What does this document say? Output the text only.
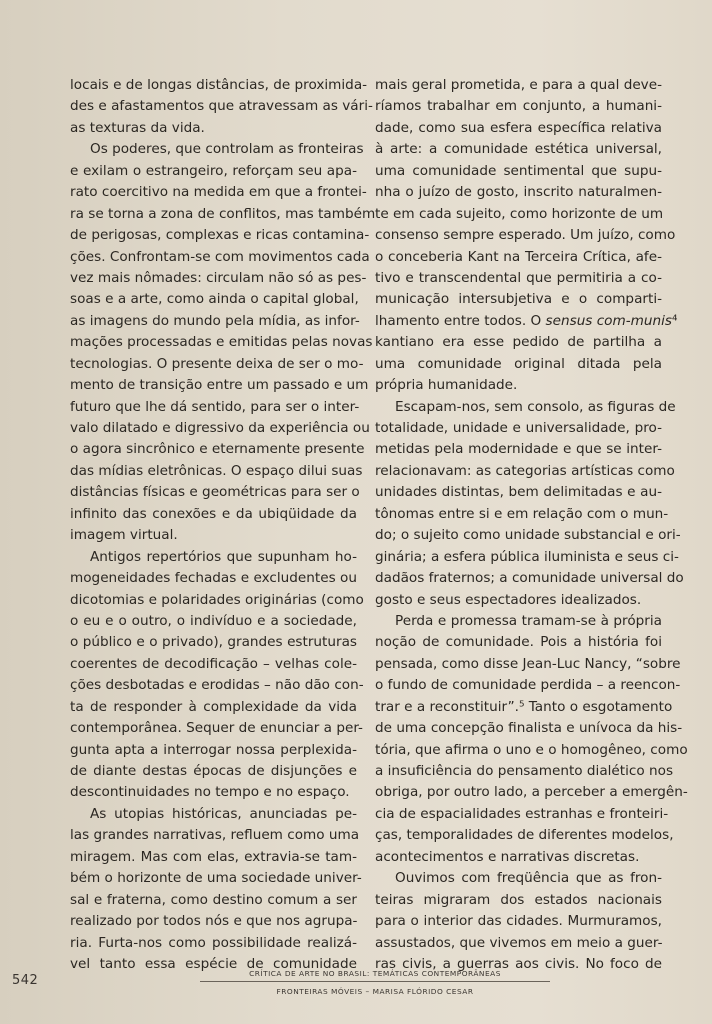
locais e de longas distâncias, de proximida-
des e afastamentos que atravessam as vári-
as texturas da vida.
Os poderes, que controlam as fronteiras
e exilam o estrangeiro, reforçam seu apa-
rato coercitivo na medida em que a frontei-
ra se torna a zona de conflitos, mas também
de perigosas, complexas e ricas contamina-
ções. Confrontam-se com movimentos cada
vez mais nômades: circulam não só as pes-
soas e a arte, como ainda o capital global,
as imagens do mundo pela mídia, as infor-
mações processadas e emitidas pelas novas
tecnologias. O presente deixa de ser o mo-
mento de transição entre um passado e um
futuro que lhe dá sentido, para ser o inter-
valo dilatado e digressivo da experiência ou
o agora sincrônico e eternamente presente
das mídias eletrônicas. O espaço dilui suas
distâncias físicas e geométricas para ser o
infinito das conexões e da ubiqüidade da
imagem virtual.
Antigos repertórios que supunham ho-
mogeneidades fechadas e excludentes ou
dicotomias e polaridades originárias (como
o eu e o outro, o indivíduo e a sociedade,
o público e o privado), grandes estruturas
coerentes de decodificação – velhas cole-
ções desbotadas e erodidas – não dão con-
ta de responder à complexidade da vida
contemporânea. Sequer de enunciar a per-
gunta apta a interrogar nossa perplexida-
de diante destas épocas de disjunções e
descontinuidades no tempo e no espaço.
As utopias históricas, anunciadas pe-
las grandes narrativas, refluem como uma
miragem. Mas com elas, extravia-se tam-
bém o horizonte de uma sociedade univer-
sal e fraterna, como destino comum a ser
realizado por todos nós e que nos agrupa-
ria. Furta-nos como possibilidade realizá-
vel tanto essa espécie de comunidade
mais geral prometida, e para a qual deve-
ríamos trabalhar em conjunto, a humani-
dade, como sua esfera específica relativa
à arte: a comunidade estética universal,
uma comunidade sentimental que supu-
nha o juízo de gosto, inscrito naturalmen-
te em cada sujeito, como horizonte de um
consenso sempre esperado. Um juízo, como
o conceberia Kant na Terceira Crítica, afe-
tivo e transcendental que permitiria a co-
municação intersubjetiva e o comparti-
lhamento entre todos. O sensus com-munis⁴
kantiano era esse pedido de partilha a
uma comunidade original ditada pela
própria humanidade.
Escapam-nos, sem consolo, as figuras de
totalidade, unidade e universalidade, pro-
metidas pela modernidade e que se inter-
relacionavam: as categorias artísticas como
unidades distintas, bem delimitadas e au-
tônomas entre si e em relação com o mun-
do; o sujeito como unidade substancial e ori-
ginária; a esfera pública iluminista e seus ci-
dadãos fraternos; a comunidade universal do
gosto e seus espectadores idealizados.
Perda e promessa tramam-se à própria
noção de comunidade. Pois a história foi
pensada, como disse Jean-Luc Nancy, “sobre
o fundo de comunidade perdida – a reencon-
trar e a reconstituir”.⁵ Tanto o esgotamento
de uma concepção finalista e unívoca da his-
tória, que afirma o uno e o homogêneo, como
a insuficiência do pensamento dialético nos
obriga, por outro lado, a perceber a emergên-
cia de espacialidades estranhas e fronteiri-
ças, temporalidades de diferentes modelos,
acontecimentos e narrativas discretas.
Ouvimos com freqüência que as fron-
teiras migraram dos estados nacionais
para o interior das cidades. Murmuramos,
assustados, que vivemos em meio a guer-
ras civis, a guerras aos civis. No foco de
542	CRÍTICA DE ARTE NO BRASIL: TEMÁTICAS CONTEMPORÂNEAS
FRONTEIRAS MÓVEIS – MARISA FLÓRIDO CESAR
